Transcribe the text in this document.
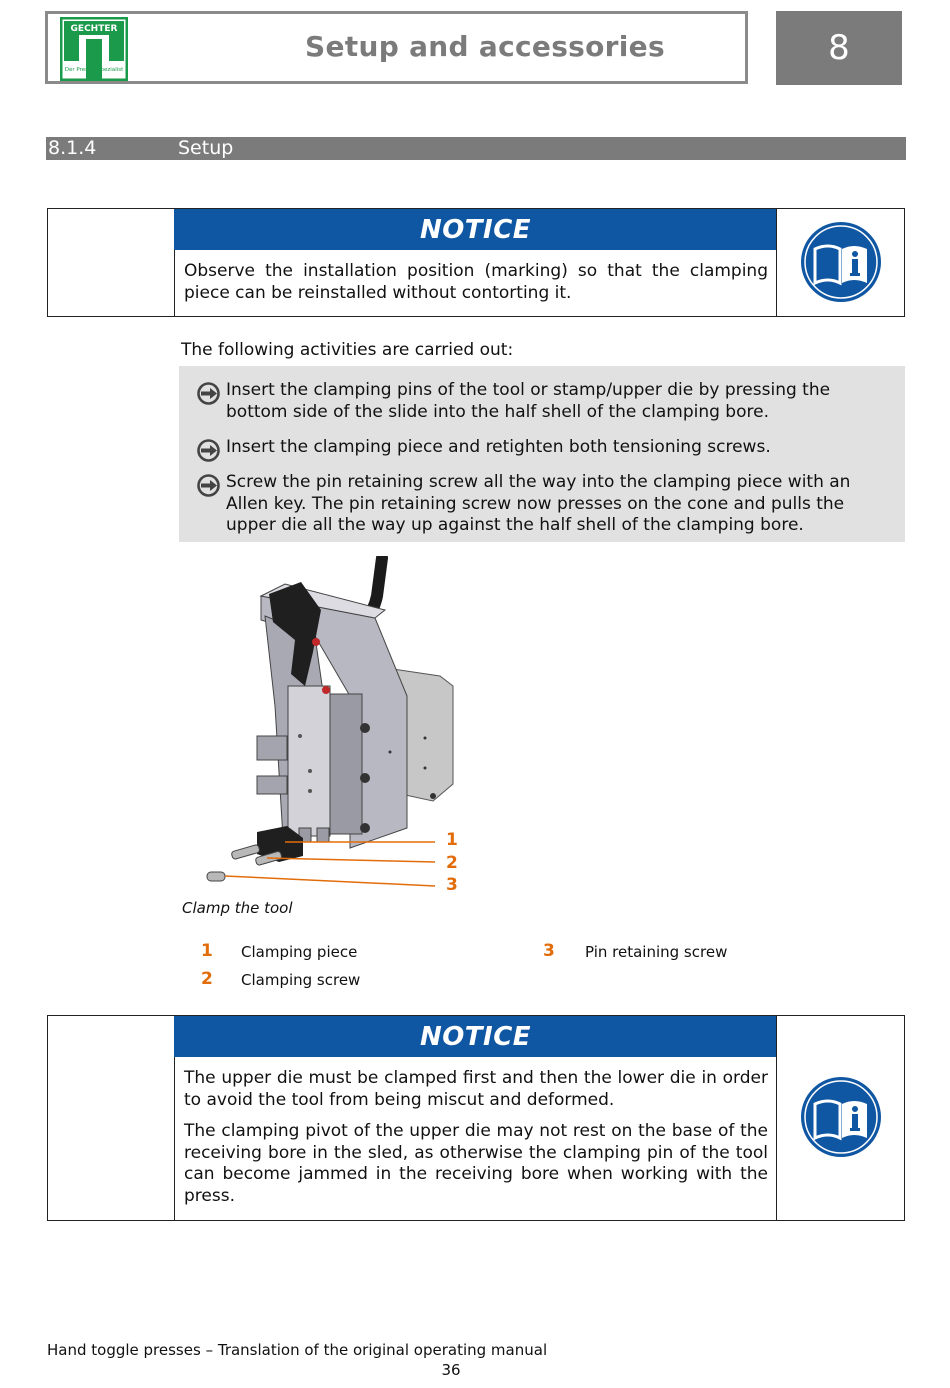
GECHTER
Der Pressenspezialist
Setup and accessories	8
8.1.4	Setup
NOTICE

Observe the installation position (marking) so that the clamping piece can be reinstalled without contorting it.

The following activities are carried out:
Insert the clamping pins of the tool or stamp/upper die by pressing the bottom side of the slide into the half shell of the clamping bore.
Insert the clamping piece and retighten both tensioning screws.
Screw the pin retaining screw all the way into the clamping piece with an Allen key. The pin retaining screw now presses on the cone and pulls the upper die all the way up against the half shell of the clamping bore.
1
2
3
Clamp the tool
1 Clamping piece
2 Clamping screw
3 Pin retaining screw
NOTICE

The upper die must be clamped first and then the lower die in order to avoid the tool from being miscut and deformed.

The clamping pivot of the upper die may not rest on the base of the receiving bore in the sled, as otherwise the clamping pin of the tool can become jammed in the receiving bore when working with the press.

Hand toggle presses – Translation of the original operating manual
36
